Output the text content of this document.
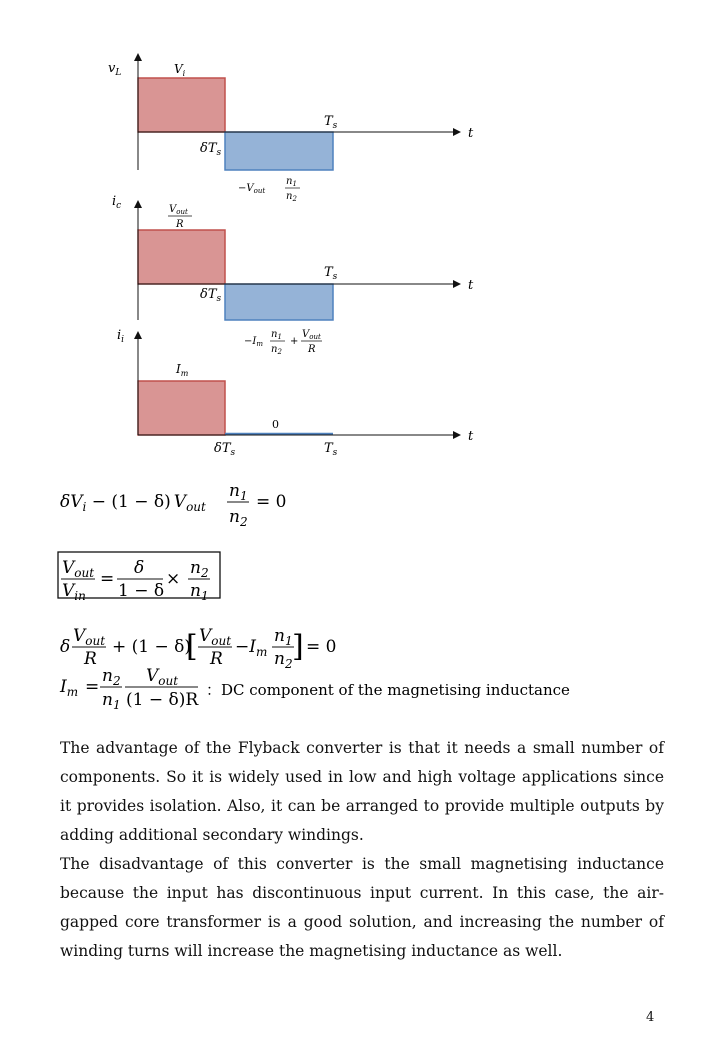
$v_L$	$V_i$
$\delta T_s$
$T_s$	t
$-V_{out}$
$n_1$
$n_2$
$i_c$	$V_{out}$
R
$\delta T_s$
$T_s$
t
$-I_m$
$n_1$
$n_2$
+
$V_{out}$
R
$i_i$
$I_m$
0
$\delta T_s$	$T_s$
t
$\delta V_i - (1 - \delta)$ $V_{out}$
$n_1$
$n_2$
= 0
$V_{out}$
$V_{in}$
=
δ
1 − δ
×
$n_2$
$n_1$
δ
$V_{out}$
R
+ (1 − δ)
[ $V_{out}$
R
$-I_m$
$n_1$
$n_2$ ] = 0
$I_m$ =
$n_2$
$n_1$
$V_{out}$
(1 − δ)R ：DC component of the magnetising inductance

The advantage of the Flyback converter is that it needs a small number of components. So it is widely used in low and high voltage applications since it provides isolation. Also, it can be arranged to provide multiple outputs by adding additional secondary windings.

The disadvantage of this converter is the small magnetising inductance because the input has discontinuous input current. In this case, the air-gapped core transformer is a good solution, and increasing the number of winding turns will increase the magnetising inductance as well.

4
